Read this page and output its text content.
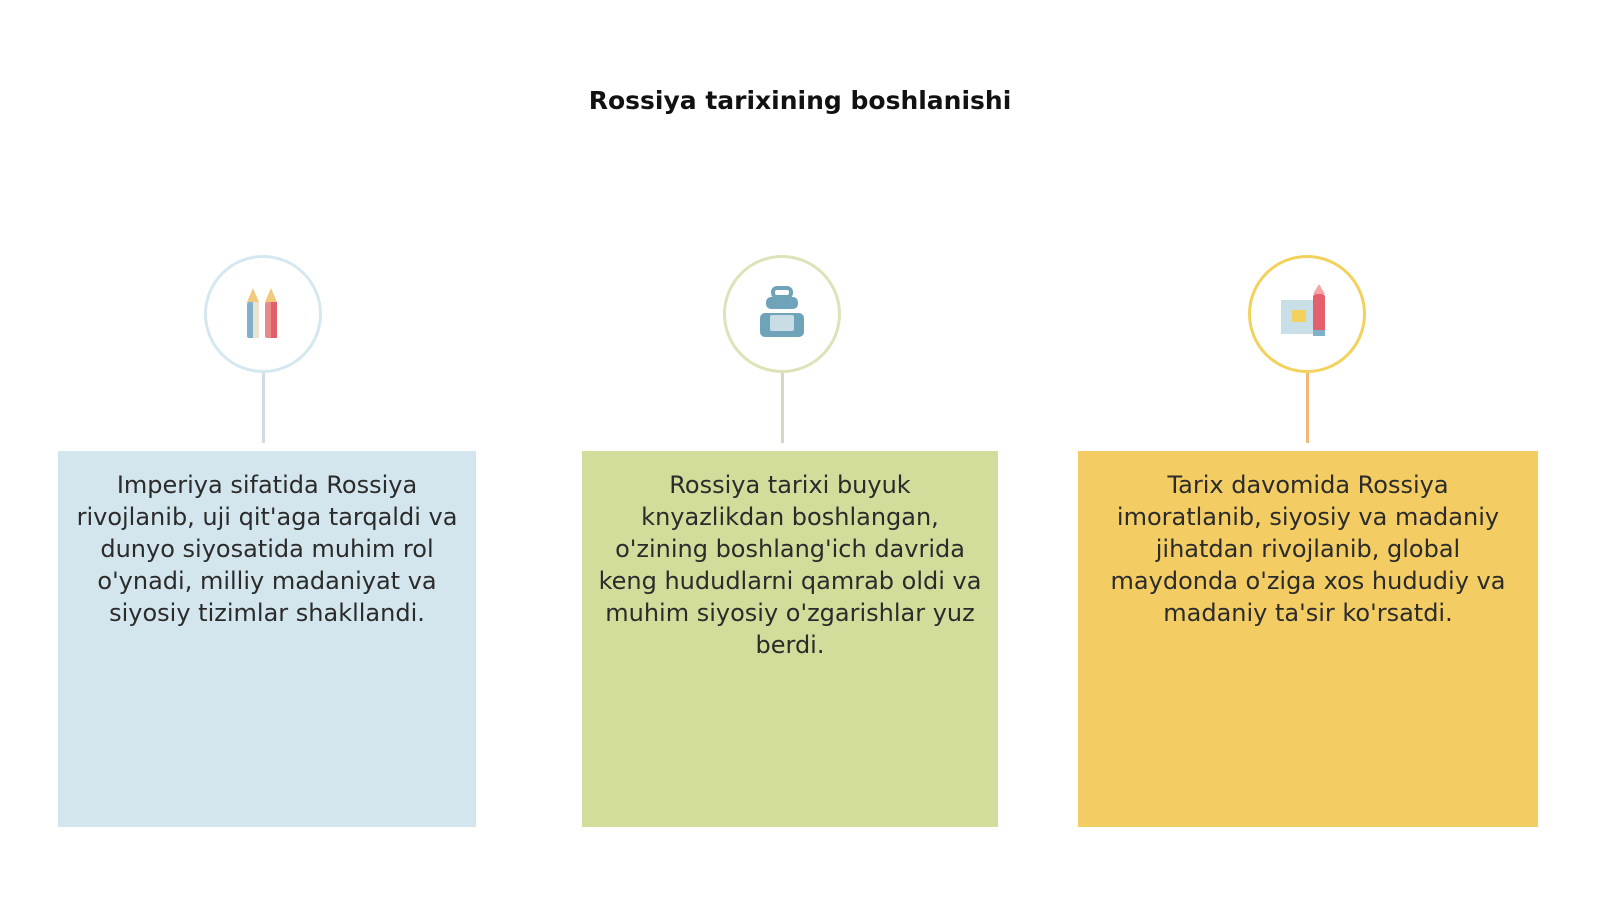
Rossiya tarixining boshlanishi
Imperiya sifatida Rossiya rivojlanib, uji qit'aga tarqaldi va dunyo siyosatida muhim rol o'ynadi, milliy madaniyat va siyosiy tizimlar shakllandi.
Rossiya tarixi buyuk knyazlikdan boshlangan, o'zining boshlang'ich davrida keng hududlarni qamrab oldi va muhim siyosiy o'zgarishlar yuz berdi.
Tarix davomida Rossiya imoratlanib, siyosiy va madaniy jihatdan rivojlanib, global maydonda o'ziga xos hududiy va madaniy ta'sir ko'rsatdi.
